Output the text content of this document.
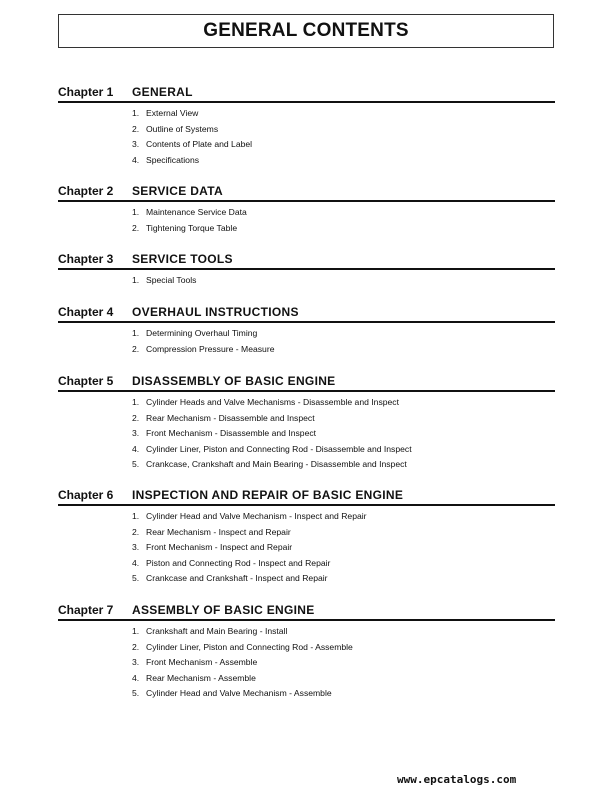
GENERAL CONTENTS
Chapter 1 GENERAL
1. External View
2. Outline of Systems
3. Contents of Plate and Label
4. Specifications
Chapter 2 SERVICE DATA
1. Maintenance Service Data
2. Tightening Torque Table
Chapter 3 SERVICE TOOLS
1. Special Tools
Chapter 4 OVERHAUL INSTRUCTIONS
1. Determining Overhaul Timing
2. Compression Pressure - Measure
Chapter 5 DISASSEMBLY OF BASIC ENGINE
1. Cylinder Heads and Valve Mechanisms - Disassemble and Inspect
2. Rear Mechanism - Disassemble and Inspect
3. Front Mechanism - Disassemble and Inspect
4. Cylinder Liner, Piston and Connecting Rod - Disassemble and Inspect
5. Crankcase, Crankshaft and Main Bearing - Disassemble and Inspect
Chapter 6 INSPECTION AND REPAIR OF BASIC ENGINE
1. Cylinder Head and Valve Mechanism - Inspect and Repair
2. Rear Mechanism - Inspect and Repair
3. Front Mechanism - Inspect and Repair
4. Piston and Connecting Rod - Inspect and Repair
5. Crankcase and Crankshaft - Inspect and Repair
Chapter 7 ASSEMBLY OF BASIC ENGINE
1. Crankshaft and Main Bearing - Install
2. Cylinder Liner, Piston and Connecting Rod - Assemble
3. Front Mechanism - Assemble
4. Rear Mechanism - Assemble
5. Cylinder Head and Valve Mechanism - Assemble
www.epcatalogs.com
